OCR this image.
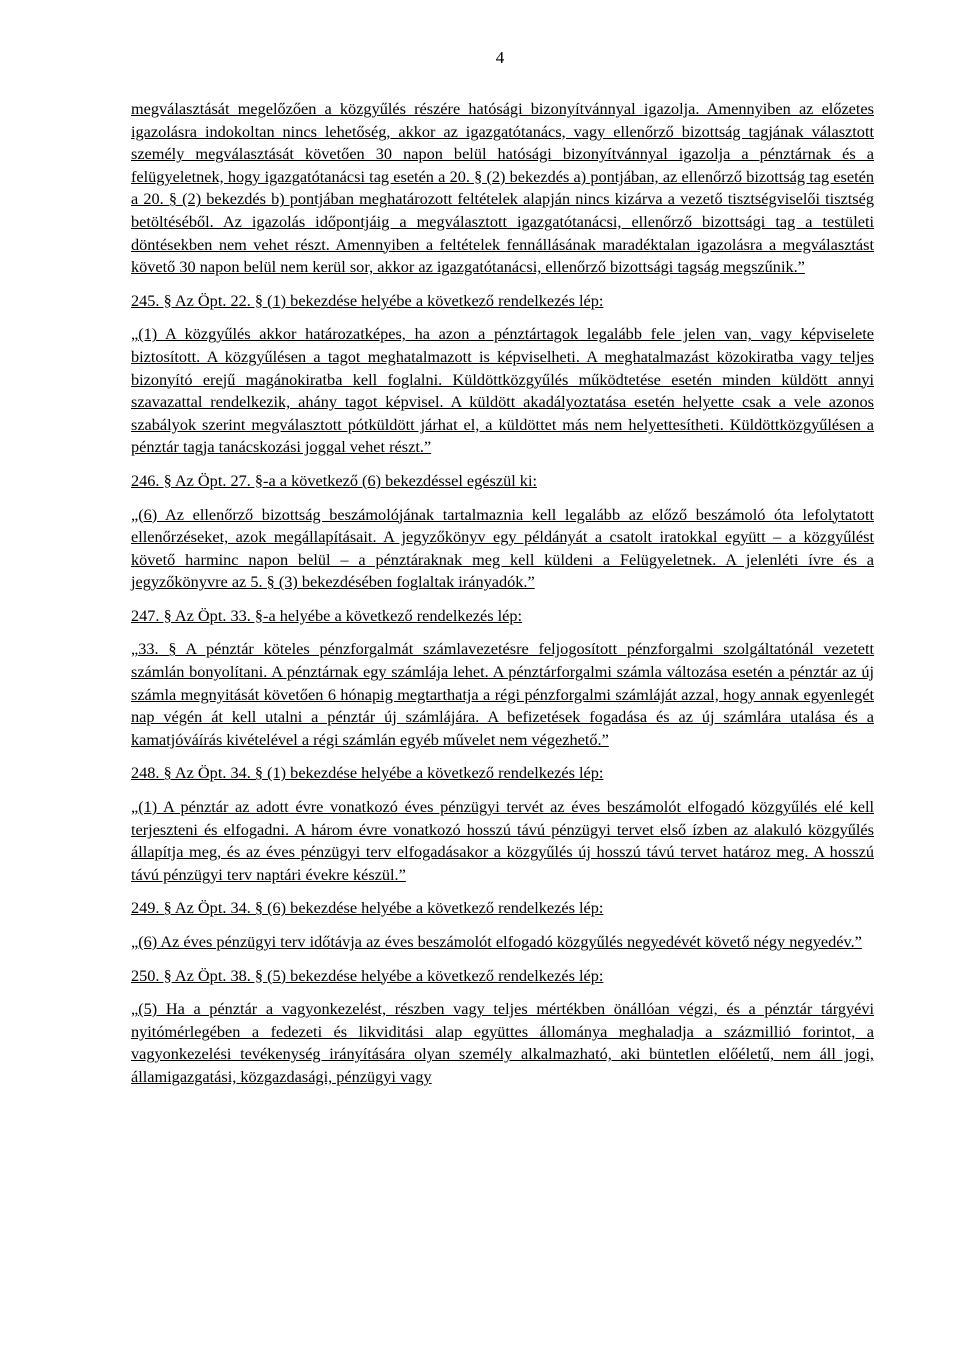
4

megválasztását megelőzően a közgyűlés részére hatósági bizonyítvánnyal igazolja. Amennyiben az előzetes igazolásra indokoltan nincs lehetőség, akkor az igazgatótanács, vagy ellenőrző bizottság tagjának választott személy megválasztását követően 30 napon belül hatósági bizonyítvánnyal igazolja a pénztárnak és a felügyeletnek, hogy igazgatótanácsi tag esetén a 20. § (2) bekezdés a) pontjában, az ellenőrző bizottság tag esetén a 20. § (2) bekezdés b) pontjában meghatározott feltételek alapján nincs kizárva a vezető tisztségviselői tisztség betöltéséből. Az igazolás időpontjáig a megválasztott igazgatótanácsi, ellenőrző bizottsági tag a testületi döntésekben nem vehet részt. Amennyiben a feltételek fennállásának maradéktalan igazolásra a megválasztást követő 30 napon belül nem kerül sor, akkor az igazgatótanácsi, ellenőrző bizottsági tagság megszűnik.”

245. § Az Öpt. 22. § (1) bekezdése helyébe a következő rendelkezés lép:

„(1) A közgyűlés akkor határozatképes, ha azon a pénztártagok legalább fele jelen van, vagy képviselete biztosított. A közgyűlésen a tagot meghatalmazott is képviselheti. A meghatalmazást közokiratba vagy teljes bizonyító erejű magánokiratba kell foglalni. Küldöttközgyűlés működtetése esetén minden küldött annyi szavazattal rendelkezik, ahány tagot képvisel. A küldött akadályoztatása esetén helyette csak a vele azonos szabályok szerint megválasztott pótküldött járhat el, a küldöttet más nem helyettesítheti. Küldöttközgyűlésen a pénztár tagja tanácskozási joggal vehet részt.”

246. § Az Öpt. 27. §-a a következő (6) bekezdéssel egészül ki:

„(6) Az ellenőrző bizottság beszámolójának tartalmaznia kell legalább az előző beszámoló óta lefolytatott ellenőrzéseket, azok megállapításait. A jegyzőkönyv egy példányát a csatolt iratokkal együtt – a közgyűlést követő harminc napon belül – a pénztáraknak meg kell küldeni a Felügyeletnek. A jelenléti ívre és a jegyzőkönyvre az 5. § (3) bekezdésében foglaltak irányadók.”

247. § Az Öpt. 33. §-a helyébe a következő rendelkezés lép:

„33. § A pénztár köteles pénzforgalmát számlavezetésre feljogosított pénzforgalmi szolgáltatónál vezetett számlán bonyolítani. A pénztárnak egy számlája lehet. A pénztárforgalmi számla változása esetén a pénztár az új számla megnyitását követően 6 hónapig megtarthatja a régi pénzforgalmi számláját azzal, hogy annak egyenlegét nap végén át kell utalni a pénztár új számlájára. A befizetések fogadása és az új számlára utalása és a kamatjóváírás kivételével a régi számlán egyéb művelet nem végezhető.”

248. § Az Öpt. 34. § (1) bekezdése helyébe a következő rendelkezés lép:

„(1) A pénztár az adott évre vonatkozó éves pénzügyi tervét az éves beszámolót elfogadó közgyűlés elé kell terjeszteni és elfogadni. A három évre vonatkozó hosszú távú pénzügyi tervet első ízben az alakuló közgyűlés állapítja meg, és az éves pénzügyi terv elfogadásakor a közgyűlés új hosszú távú tervet határoz meg. A hosszú távú pénzügyi terv naptári évekre készül.”

249. § Az Öpt. 34. § (6) bekezdése helyébe a következő rendelkezés lép:

„(6) Az éves pénzügyi terv időtávja az éves beszámolót elfogadó közgyűlés negyedévét követő négy negyedév.”

250. § Az Öpt. 38. § (5) bekezdése helyébe a következő rendelkezés lép:

„(5) Ha a pénztár a vagyonkezelést, részben vagy teljes mértékben önállóan végzi, és a pénztár tárgyévi nyitómérlegében a fedezeti és likviditási alap együttes állománya meghaladja a százmillió forintot, a vagyonkezelési tevékenység irányítására olyan személy alkalmazható, aki büntetlen előéletű, nem áll jogi, államigazgatási, közgazdasági, pénzügyi vagy
